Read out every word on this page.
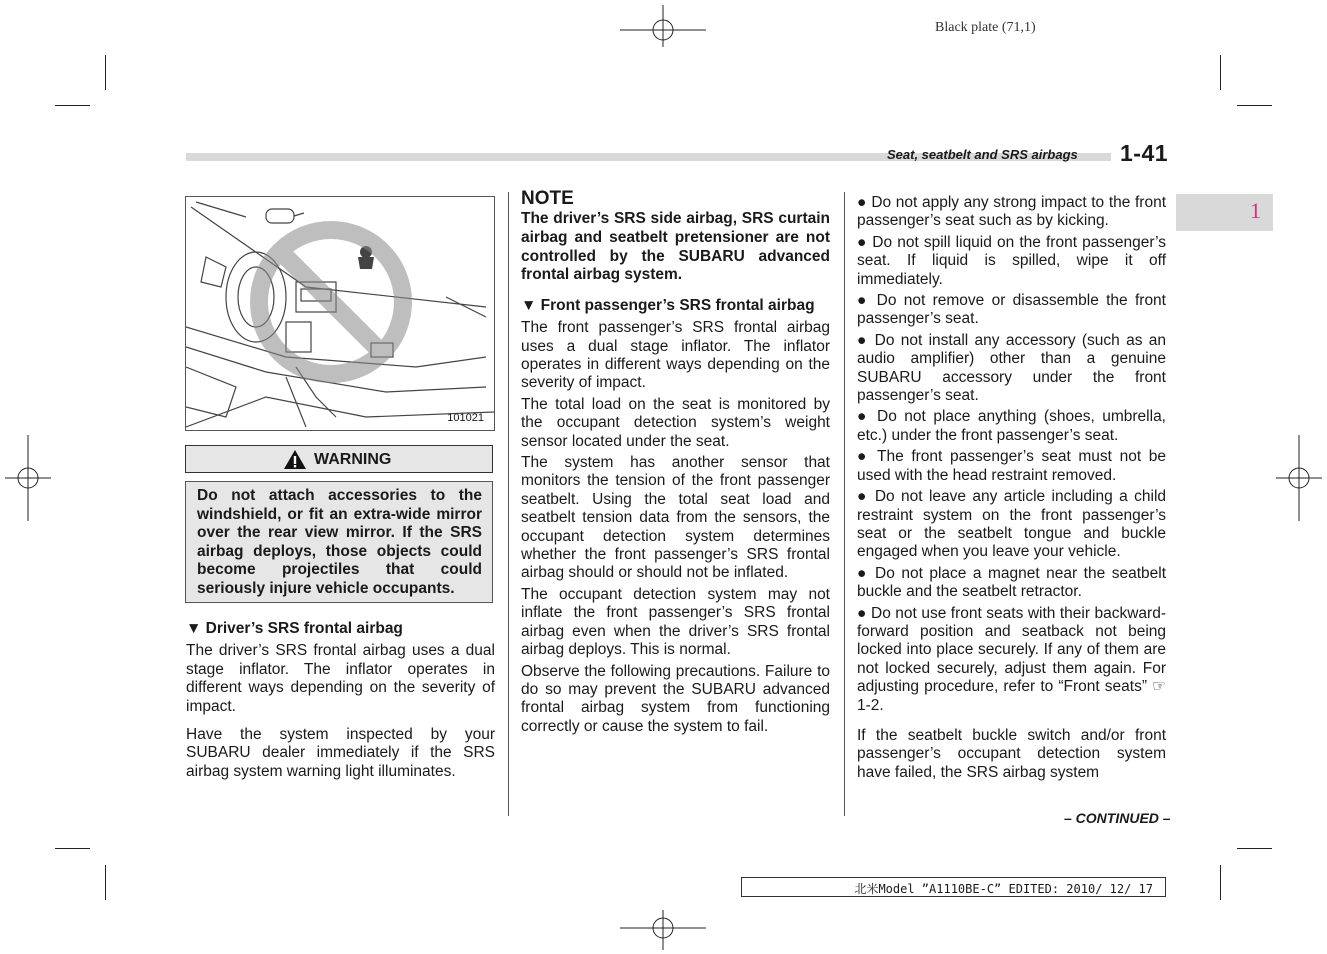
Black plate (71,1)
Seat, seatbelt and SRS airbags 1-41
1
101021
WARNING
Do not attach accessories to the windshield, or fit an extra-wide mirror over the rear view mirror. If the SRS airbag deploys, those objects could become projectiles that could seriously injure vehicle occupants.
▼ Driver’s SRS frontal airbag

The driver’s SRS frontal airbag uses a dual stage inflator. The inflator operates in different ways depending on the severity of impact.

Have the system inspected by your SUBARU dealer immediately if the SRS airbag system warning light illuminates.

NOTE
The driver’s SRS side airbag, SRS curtain airbag and seatbelt pretensioner are not controlled by the SUBARU advanced frontal airbag system.
▼ Front passenger’s SRS frontal airbag

The front passenger’s SRS frontal airbag uses a dual stage inflator. The inflator operates in different ways depending on the severity of impact.

The total load on the seat is monitored by the occupant detection system’s weight sensor located under the seat.

The system has another sensor that monitors the tension of the front passenger seatbelt. Using the total seat load and seatbelt tension data from the sensors, the occupant detection system determines whether the front passenger’s SRS frontal airbag should or should not be inflated.

The occupant detection system may not inflate the front passenger’s SRS frontal airbag even when the driver’s SRS frontal airbag deploys. This is normal.

Observe the following precautions. Failure to do so may prevent the SUBARU advanced frontal airbag system from functioning correctly or cause the system to fail.

● Do not apply any strong impact to the front passenger’s seat such as by kicking.

● Do not spill liquid on the front passenger’s seat. If liquid is spilled, wipe it off immediately.

● Do not remove or disassemble the front passenger’s seat.

● Do not install any accessory (such as an audio amplifier) other than a genuine SUBARU accessory under the front passenger’s seat.

● Do not place anything (shoes, umbrella, etc.) under the front passenger’s seat.

● The front passenger’s seat must not be used with the head restraint removed.

● Do not leave any article including a child restraint system on the front passenger’s seat or the seatbelt tongue and buckle engaged when you leave your vehicle.

● Do not place a magnet near the seatbelt buckle and the seatbelt retractor.

● Do not use front seats with their backward-forward position and seatback not being locked into place securely. If any of them are not locked securely, adjust them again. For adjusting procedure, refer to “Front seats” ☞1-2.

If the seatbelt buckle switch and/or front passenger’s occupant detection system have failed, the SRS airbag system

– CONTINUED –
北米Model ”A1110BE-C” EDITED: 2010/ 12/ 17
